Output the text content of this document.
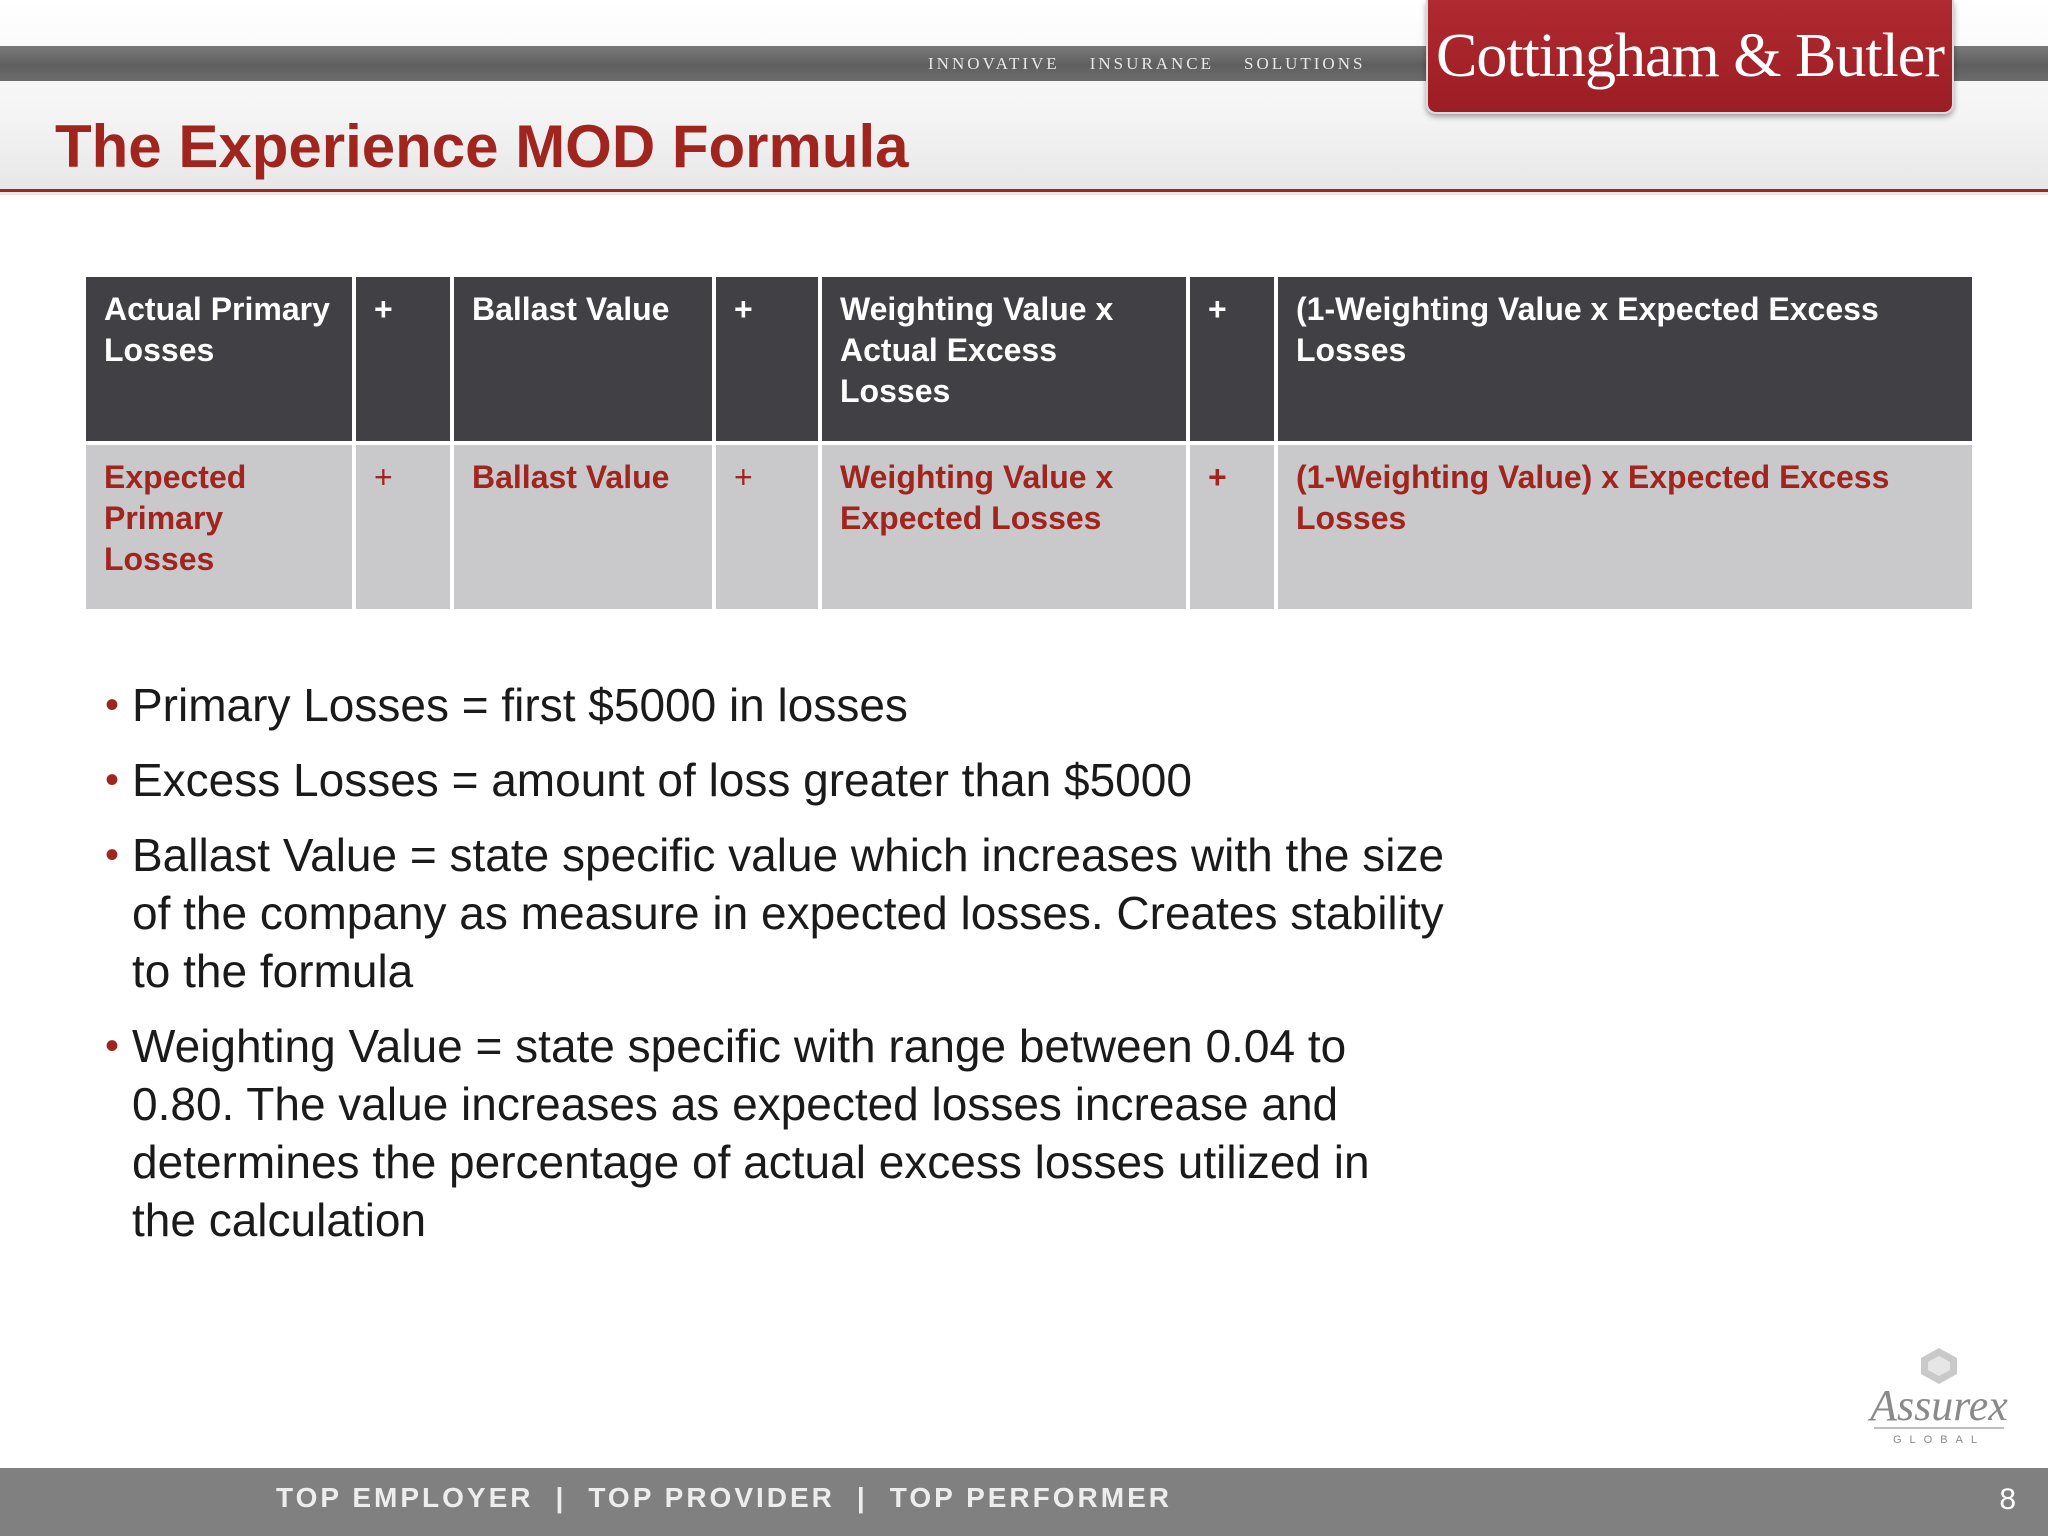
INNOVATIVE INSURANCE SOLUTIONS Cottingham & Butler
The Experience MOD Formula
Actual Primary Losses	+	Ballast Value	+	Weighting Value x Actual Excess Losses	+	(1-Weighting Value x Expected Excess Losses
Expected Primary Losses	+	Ballast Value	+	Weighting Value x Expected Losses	+	(1-Weighting Value) x Expected Excess Losses
• Primary Losses = first $5000 in losses
• Excess Losses = amount of loss greater than $5000
• Ballast Value = state specific value which increases with the size of the company as measure in expected losses. Creates stability to the formula
• Weighting Value = state specific with range between 0.04 to 0.80. The value increases as expected losses increase and determines the percentage of actual excess losses utilized in the calculation
Assurex
GLOBAL
TOP EMPLOYER | TOP PROVIDER | TOP PERFORMER	8
